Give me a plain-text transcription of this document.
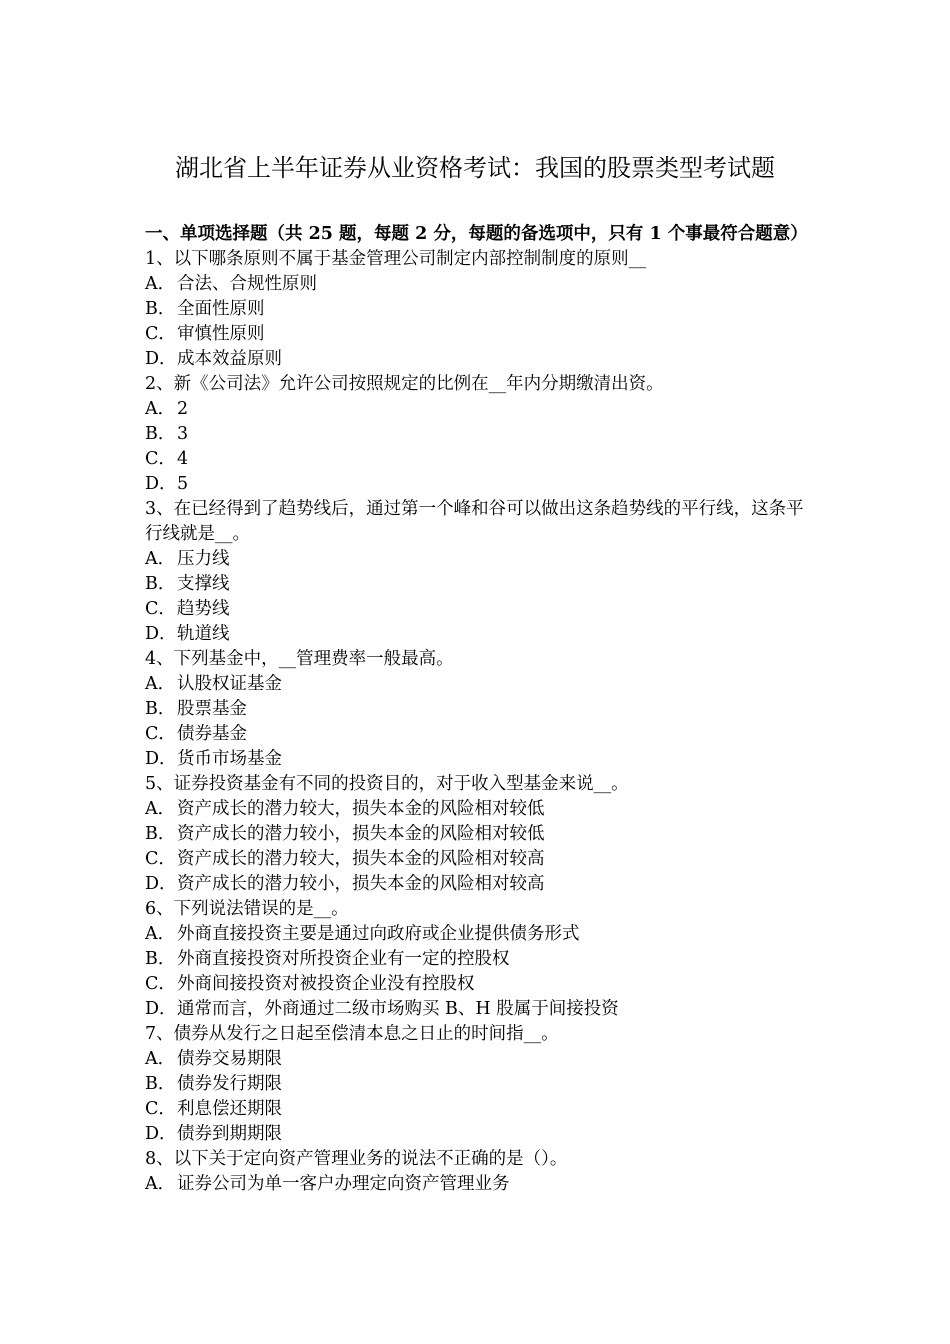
湖北省上半年证券从业资格考试：我国的股票类型考试题

一、单项选择题（共 25 题，每题 2 分，每题的备选项中，只有 1 个事最符合题意）

1、以下哪条原则不属于基金管理公司制定内部控制制度的原则__

A． 合法、合规性原则

B．全面性原则

C．审慎性原则

D．成本效益原则

2、新《公司法》允许公司按照规定的比例在__年内分期缴清出资。

A． 2

B．3

C．4

D．5

3、在已经得到了趋势线后，通过第一个峰和谷可以做出这条趋势线的平行线，这条平行线就是__。

A． 压力线

B．支撑线

C．趋势线

D．轨道线

4、下列基金中，__管理费率一般最高。

A． 认股权证基金

B．股票基金

C．债券基金

D．货币市场基金

5、证券投资基金有不同的投资目的，对于收入型基金来说__。

A． 资产成长的潜力较大，损失本金的风险相对较低

B．资产成长的潜力较小，损失本金的风险相对较低

C．资产成长的潜力较大，损失本金的风险相对较高

D．资产成长的潜力较小，损失本金的风险相对较高

6、下列说法错误的是__。

A． 外商直接投资主要是通过向政府或企业提供债务形式

B．外商直接投资对所投资企业有一定的控股权

C．外商间接投资对被投资企业没有控股权

D．通常而言，外商通过二级市场购买 B、H 股属于间接投资

7、债券从发行之日起至偿清本息之日止的时间指__。

A． 债券交易期限

B．债券发行期限

C．利息偿还期限

D．债券到期期限

8、以下关于定向资产管理业务的说法不正确的是（）。

A． 证券公司为单一客户办理定向资产管理业务
